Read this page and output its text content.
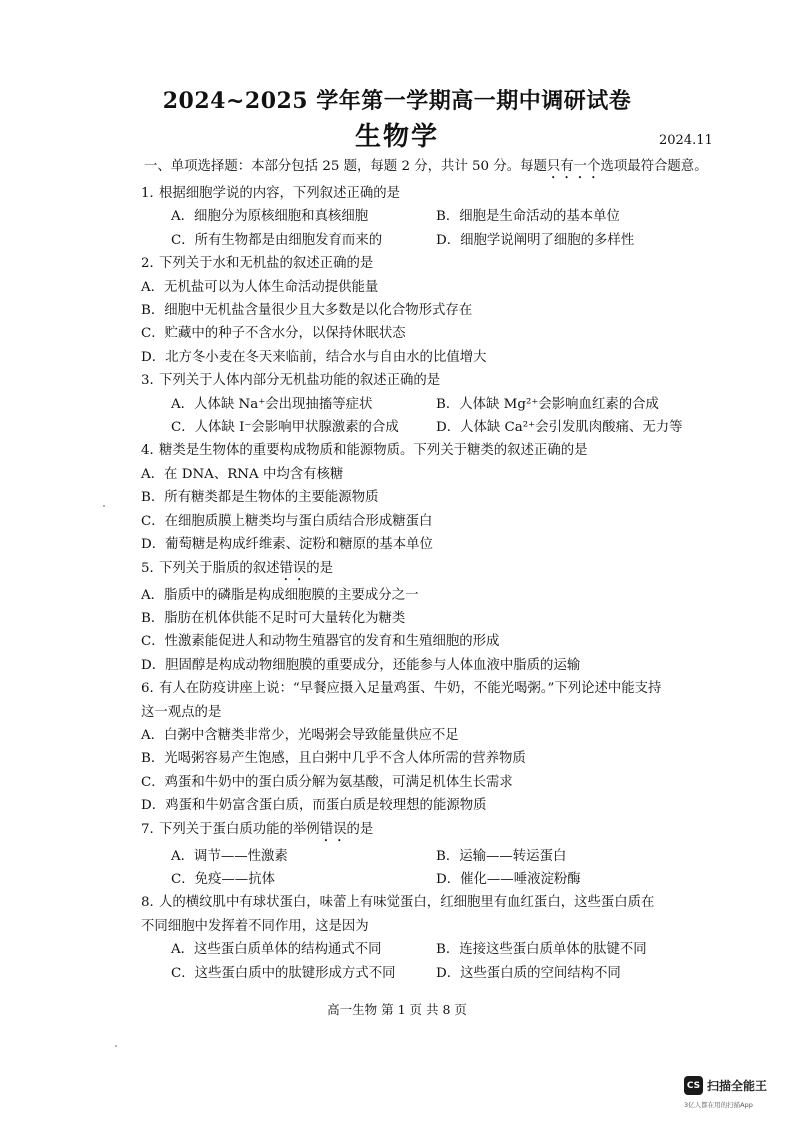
2024~2025 学年第一学期高一期中调研试卷
生物学	2024.11

一、单项选择题：本部分包括 25 题，每题 2 分，共计 50 分。每题只有一个选项最符合题意。

1．根据细胞学说的内容，下列叙述正确的是

A．细胞分为原核细胞和真核细胞	B．细胞是生命活动的基本单位
C．所有生物都是由细胞发育而来的	D．细胞学说阐明了细胞的多样性

2．下列关于水和无机盐的叙述正确的是

A．无机盐可以为人体生命活动提供能量

B．细胞中无机盐含量很少且大多数是以化合物形式存在

C．贮藏中的种子不含水分，以保持休眠状态

D．北方冬小麦在冬天来临前，结合水与自由水的比值增大

3．下列关于人体内部分无机盐功能的叙述正确的是

A．人体缺 Na⁺会出现抽搐等症状	B．人体缺 Mg²⁺会影响血红素的合成
C．人体缺 I⁻会影响甲状腺激素的合成	D．人体缺 Ca²⁺会引发肌肉酸痛、无力等

4．糖类是生物体的重要构成物质和能源物质。下列关于糖类的叙述正确的是

A．在 DNA、RNA 中均含有核糖

B．所有糖类都是生物体的主要能源物质

C．在细胞质膜上糖类均与蛋白质结合形成糖蛋白

D．葡萄糖是构成纤维素、淀粉和糖原的基本单位

5．下列关于脂质的叙述错误的是

A．脂质中的磷脂是构成细胞膜的主要成分之一

B．脂肪在机体供能不足时可大量转化为糖类

C．性激素能促进人和动物生殖器官的发育和生殖细胞的形成

D．胆固醇是构成动物细胞膜的重要成分，还能参与人体血液中脂质的运输

6．有人在防疫讲座上说：“早餐应摄入足量鸡蛋、牛奶，不能光喝粥。”下列论述中能支持

这一观点的是

A．白粥中含糖类非常少，光喝粥会导致能量供应不足

B．光喝粥容易产生饱感，且白粥中几乎不含人体所需的营养物质

C．鸡蛋和牛奶中的蛋白质分解为氨基酸，可满足机体生长需求

D．鸡蛋和牛奶富含蛋白质，而蛋白质是较理想的能源物质

7．下列关于蛋白质功能的举例错误的是

A．调节——性激素	B．运输——转运蛋白
C．免疫——抗体	D．催化——唾液淀粉酶

8．人的横纹肌中有球状蛋白，味蕾上有味觉蛋白，红细胞里有血红蛋白，这些蛋白质在

不同细胞中发挥着不同作用，这是因为

A．这些蛋白质单体的结构通式不同	B．连接这些蛋白质单体的肽键不同
C．这些蛋白质中的肽键形成方式不同	D．这些蛋白质的空间结构不同
高一生物 第 1 页 共 8 页
CS 扫描全能王
3亿人都在用的扫描App
